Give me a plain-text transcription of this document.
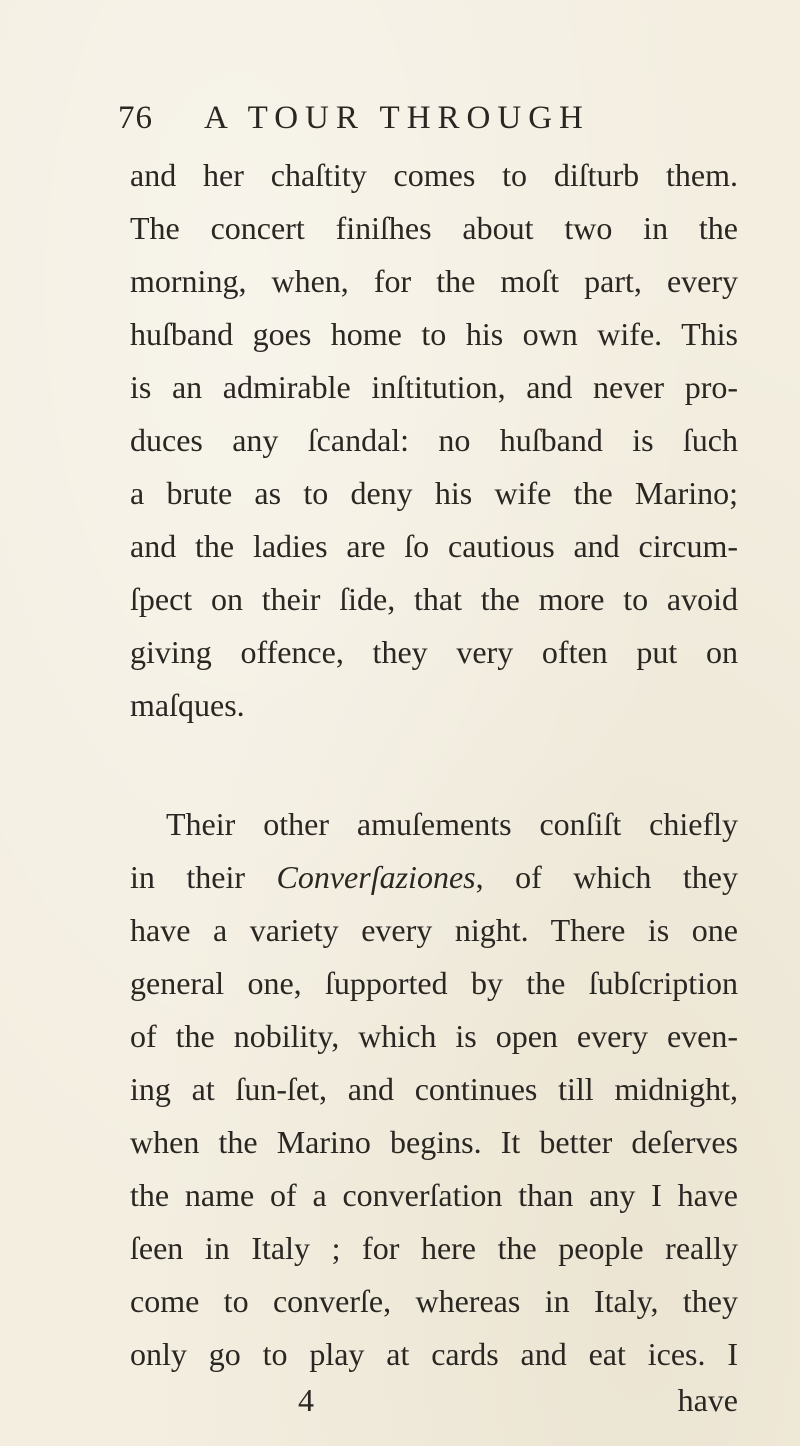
76 A TOUR THROUGH
and her chaſtity comes to diſturb them.
The concert finiſhes about two in the
morning, when, for the moſt part, every
huſband goes home to his own wife. This
is an admirable inſtitution, and never pro-
duces any ſcandal: no huſband is ſuch
a brute as to deny his wife the Marino;
and the ladies are ſo cautious and circum-
ſpect on their ſide, that the more to avoid
giving offence, they very often put on
maſques.
Their other amuſements conſiſt chiefly
in their Converſaziones, of which they
have a variety every night. There is one
general one, ſupported by the ſubſcription
of the nobility, which is open every even-
ing at ſun-ſet, and continues till midnight,
when the Marino begins. It better deſerves
the name of a converſation than any I have
ſeen in Italy ; for here the people really
come to converſe, whereas in Italy, they
only go to play at cards and eat ices. I
4	have
